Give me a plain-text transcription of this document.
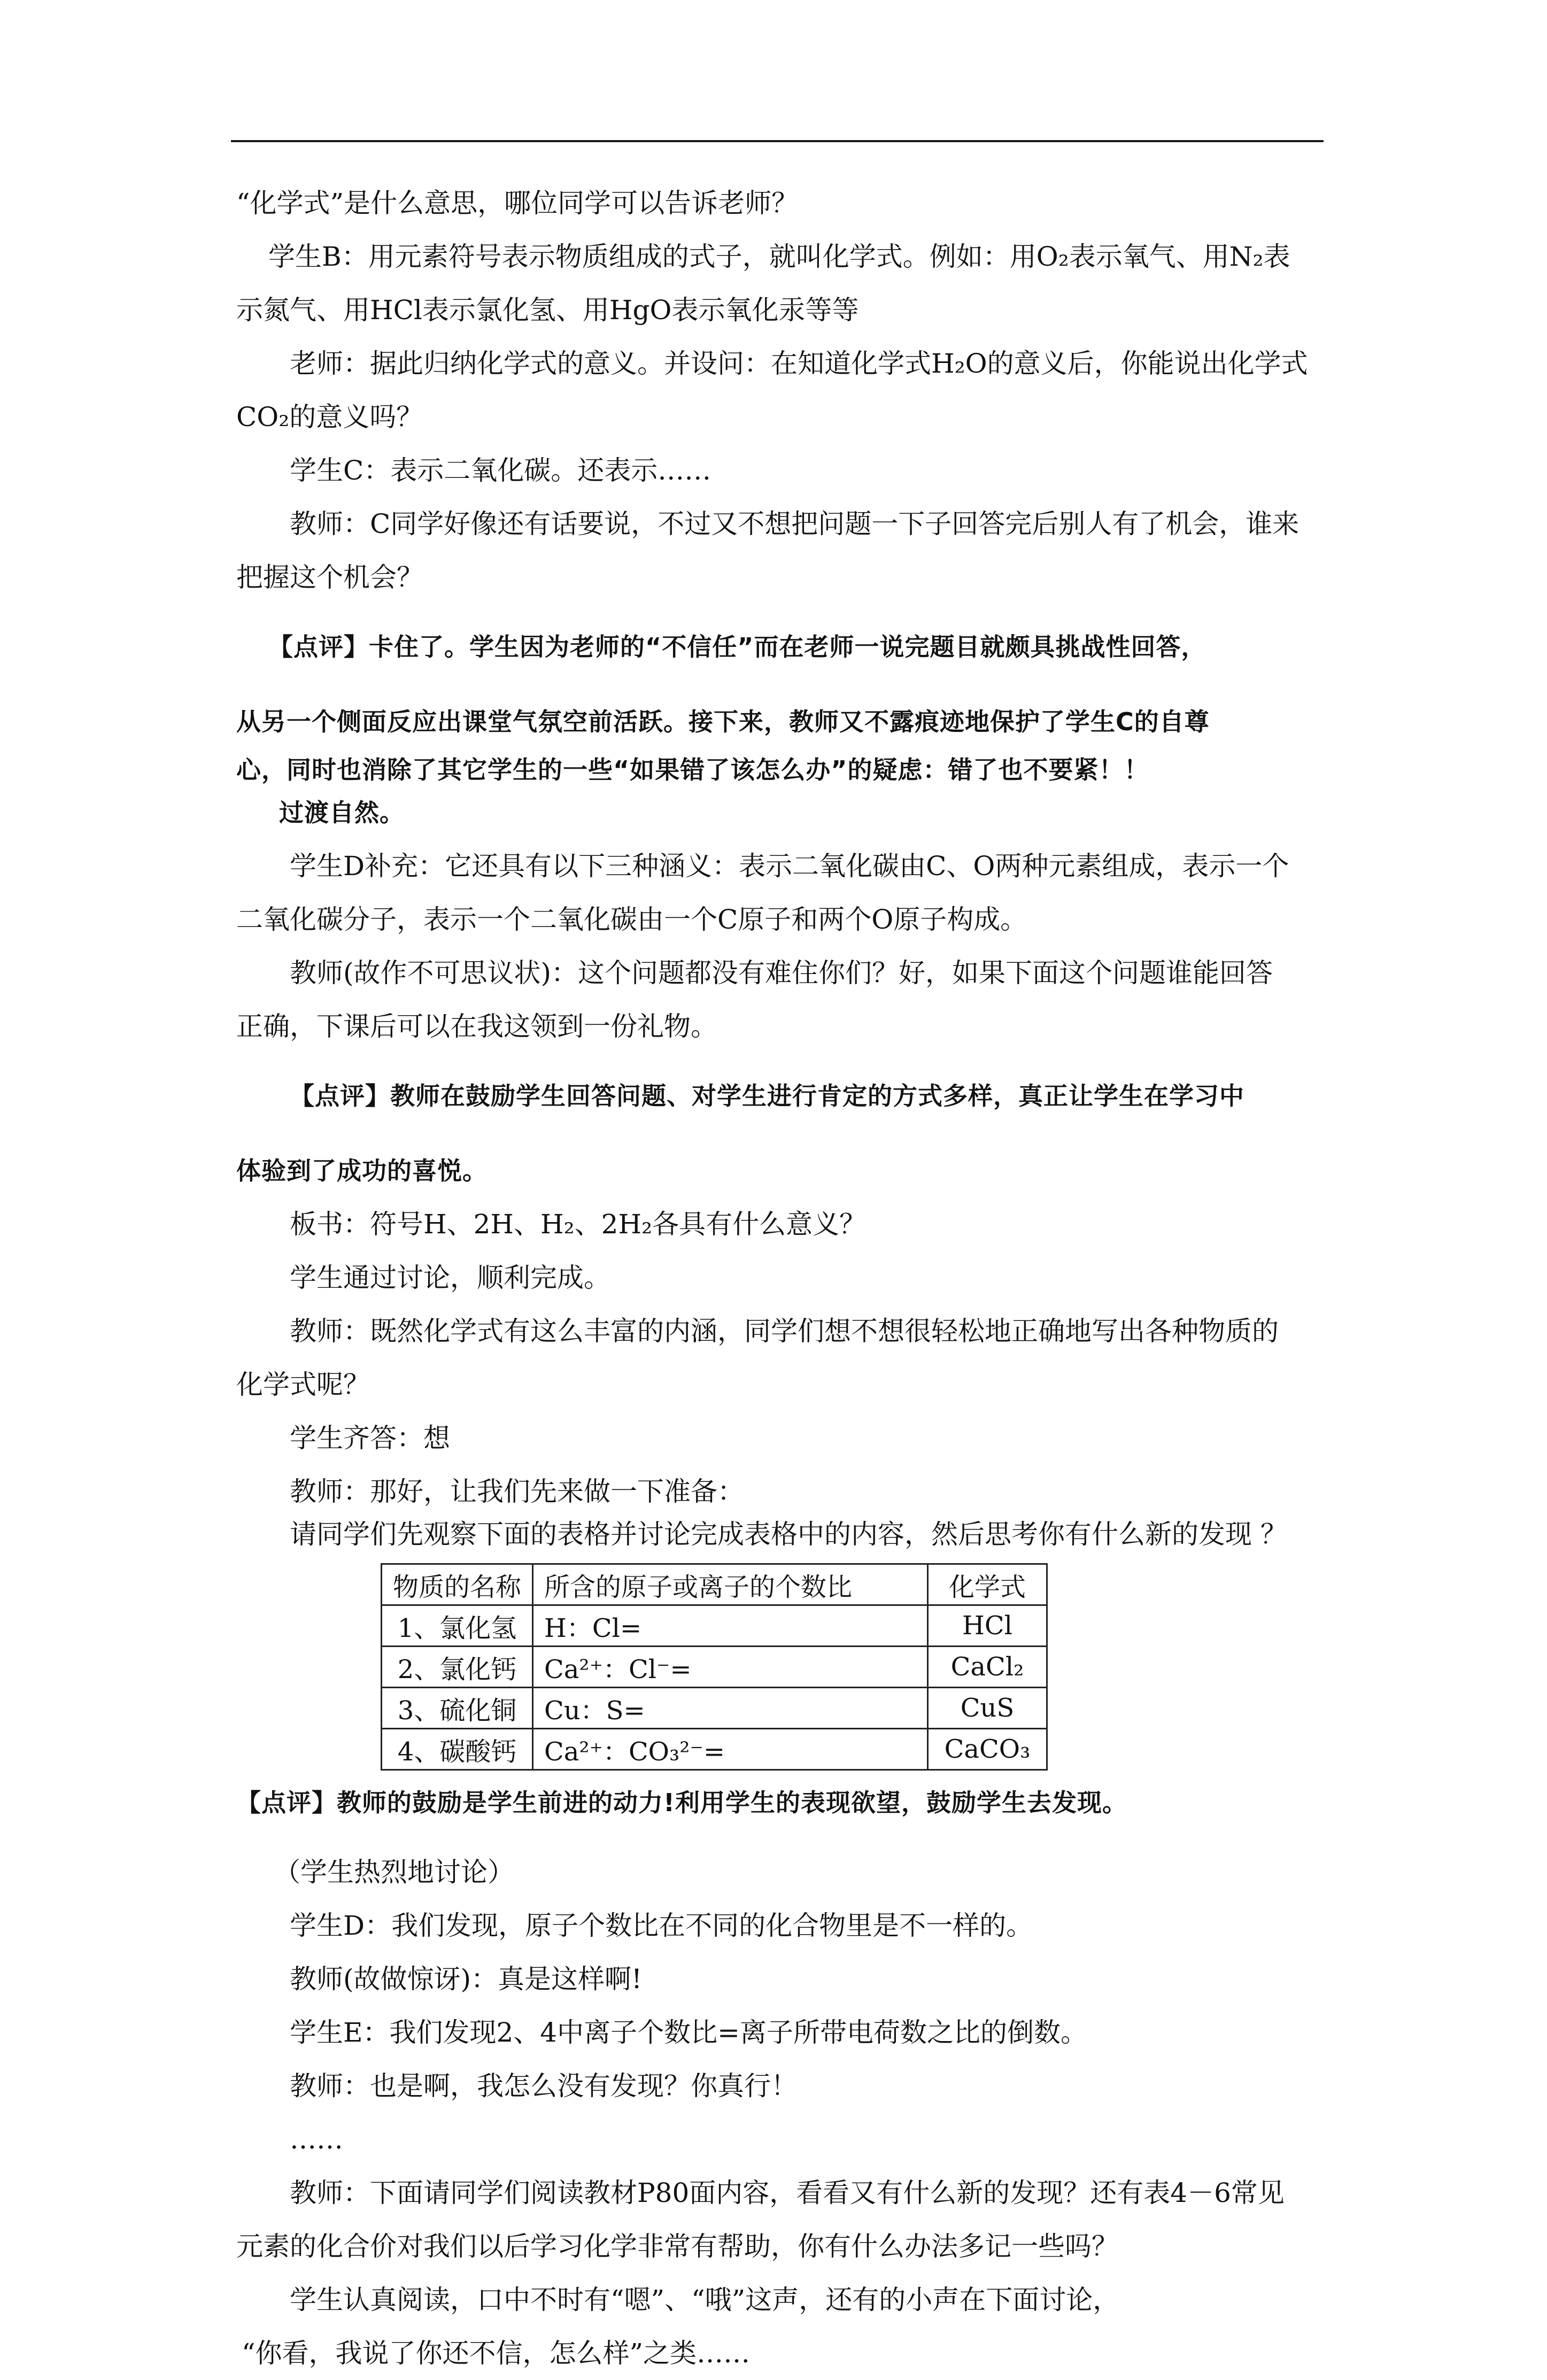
“化学式”是什么意思，哪位同学可以告诉老师？
学生B：用元素符号表示物质组成的式子，就叫化学式。例如：用O₂表示氧气、用N₂表
示氮气、用HCl表示氯化氢、用HgO表示氧化汞等等
老师：据此归纳化学式的意义。并设问：在知道化学式H₂O的意义后，你能说出化学式
CO₂的意义吗？
学生C：表示二氧化碳。还表示……
教师：C同学好像还有话要说，不过又不想把问题一下子回答完后别人有了机会，谁来
把握这个机会？
【点评】卡住了。学生因为老师的“不信任”而在老师一说完题目就颇具挑战性回答，
从另一个侧面反应出课堂气氛空前活跃。接下来，教师又不露痕迹地保护了学生C的自尊
心，同时也消除了其它学生的一些“如果错了该怎么办”的疑虑：错了也不要紧！！
过渡自然。
学生D补充：它还具有以下三种涵义：表示二氧化碳由C、O两种元素组成，表示一个
二氧化碳分子，表示一个二氧化碳由一个C原子和两个O原子构成。
教师(故作不可思议状)：这个问题都没有难住你们？好，如果下面这个问题谁能回答
正确，下课后可以在我这领到一份礼物。
【点评】教师在鼓励学生回答问题、对学生进行肯定的方式多样，真正让学生在学习中
体验到了成功的喜悦。
板书：符号H、2H、H₂、2H₂各具有什么意义？
学生通过讨论，顺利完成。
教师：既然化学式有这么丰富的内涵，同学们想不想很轻松地正确地写出各种物质的
化学式呢？
学生齐答：想
教师：那好，让我们先来做一下准备：
请同学们先观察下面的表格并讨论完成表格中的内容，然后思考你有什么新的发现 ？
物质的名称	所含的原子或离子的个数比	化学式
1、氯化氢	H：Cl=	HCl
2、氯化钙	Ca²⁺：Cl⁻=	CaCl₂
3、硫化铜	Cu：S=	CuS
4、碳酸钙	Ca²⁺：CO₃²⁻=	CaCO₃
【点评】教师的鼓励是学生前进的动力!利用学生的表现欲望，鼓励学生去发现。
（学生热烈地讨论）
学生D：我们发现，原子个数比在不同的化合物里是不一样的。
教师(故做惊讶)：真是这样啊!
学生E：我们发现2、4中离子个数比=离子所带电荷数之比的倒数。
教师：也是啊，我怎么没有发现？你真行！
……
教师：下面请同学们阅读教材P80面内容，看看又有什么新的发现？还有表4－6常见
元素的化合价对我们以后学习化学非常有帮助，你有什么办法多记一些吗？
学生认真阅读，口中不时有“嗯”、“哦”这声，还有的小声在下面讨论，
“你看，我说了你还不信，怎么样”之类……
